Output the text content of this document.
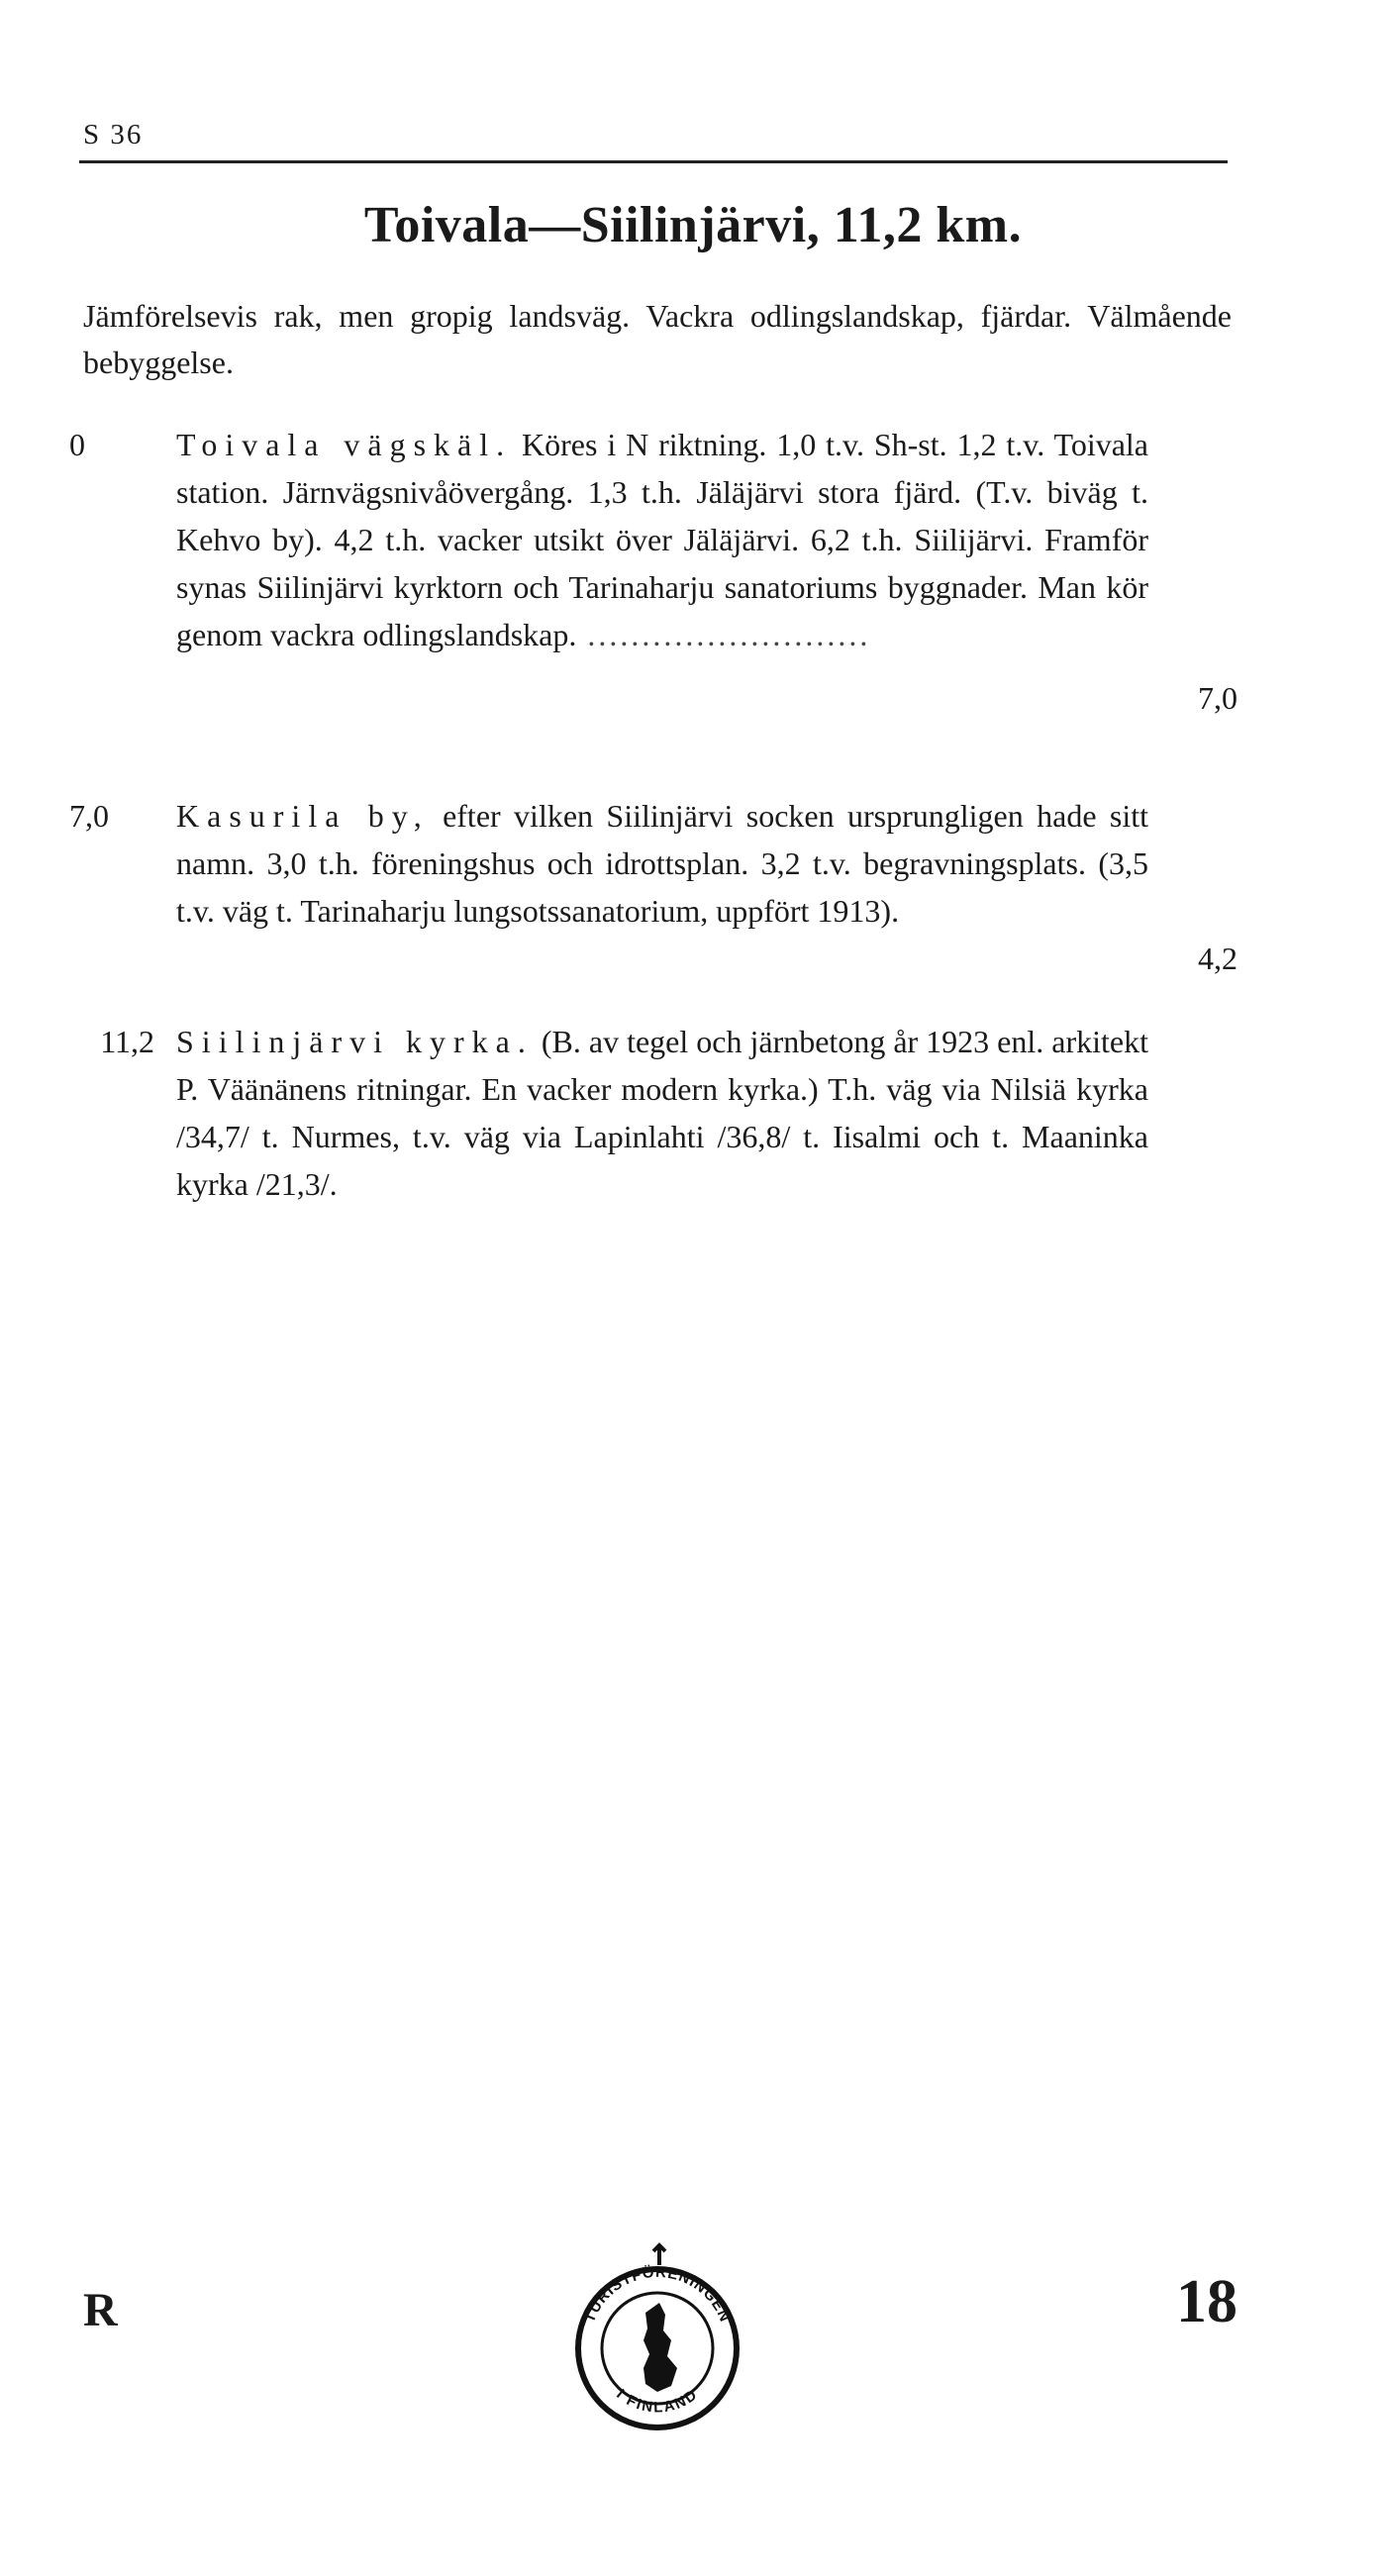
S 36
Toivala—Siilinjärvi, 11,2 km.
Jämförelsevis rak, men gropig landsväg. Vackra odlingslandskap, fjärdar. Välmående bebyggelse.
0	Toivala vägskäl. Köres i N riktning. 1,0 t.v. Sh-st. 1,2 t.v. Toivala station. Järnvägsnivåövergång. 1,3 t.h. Jäläjärvi stora fjärd. (T.v. biväg t. Kehvo by). 4,2 t.h. vacker utsikt över Jäläjärvi. 6,2 t.h. Siilijärvi. Framför synas Siilinjärvi kyrktorn och Tarinaharju sanatoriums byggnader. Man kör genom vackra odlingslandskap. ..........................
7,0
7,0	Kasurila by, efter vilken Siilinjärvi socken ursprungligen hade sitt namn. 3,0 t.h. föreningshus och idrottsplan. 3,2 t.v. begravningsplats. (3,5 t.v. väg t. Tarinaharju lungsotssanatorium, uppfört 1913).
4,2
11,2 Siilinjärvi kyrka. (B. av tegel och järnbetong år 1923 enl. arkitekt P. Väänänens ritningar. En vacker modern kyrka.) T.h. väg via Nilsiä kyrka /34,7/ t. Nurmes, t.v. väg via Lapinlahti /36,8/ t. Iisalmi och t. Maaninka kyrka /21,3/.
R	TURISTFÖRENINGEN
I FINLAND
18
